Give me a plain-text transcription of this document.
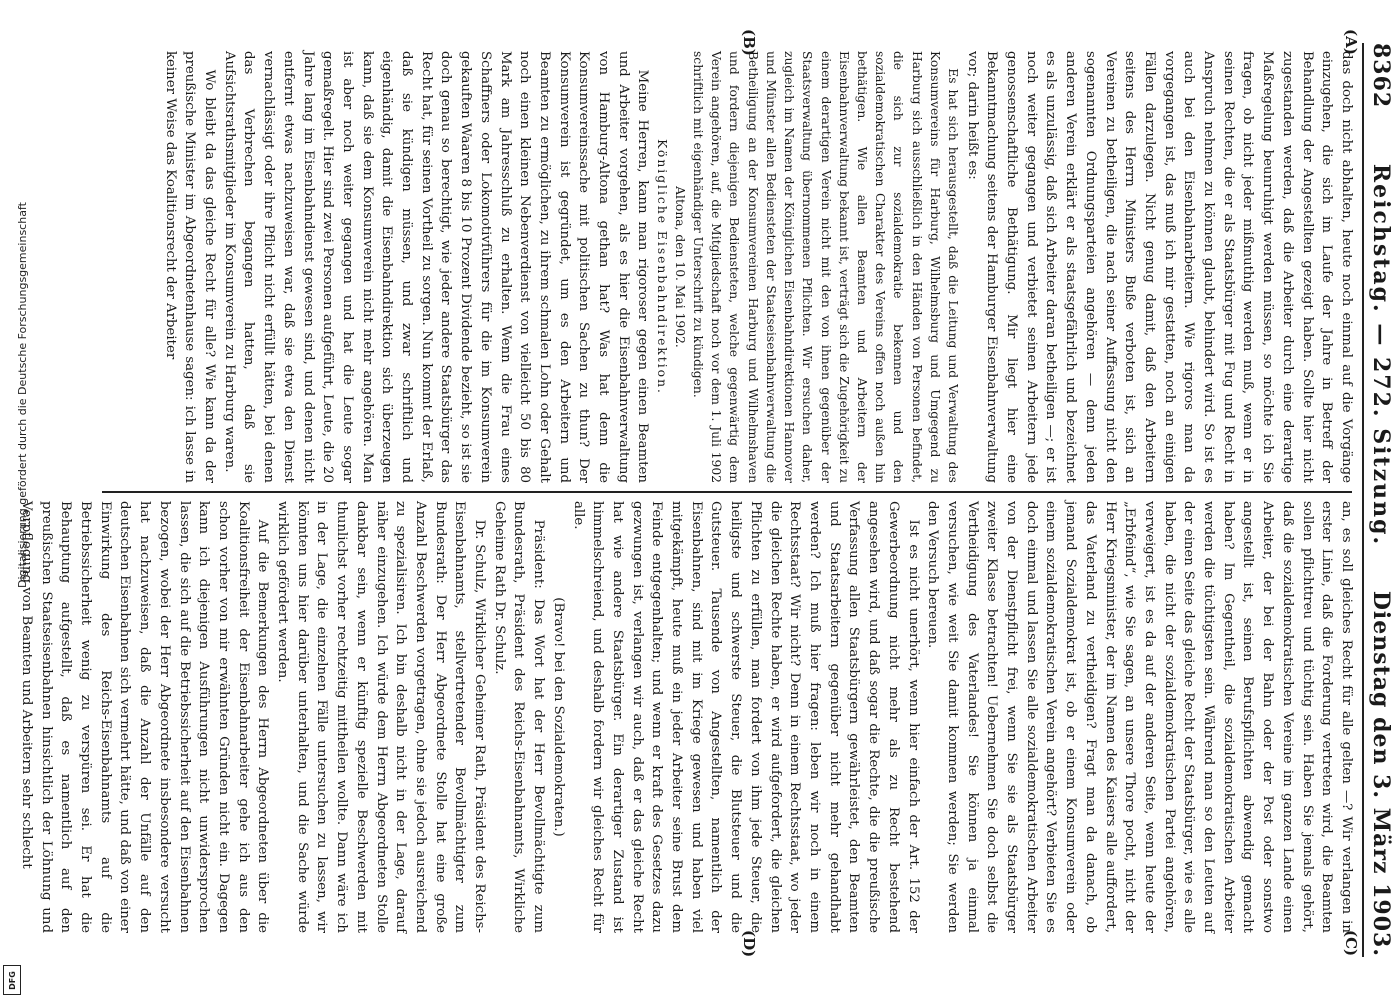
8362
Reichstag. — 272. Sitzung.
Dienstag den 3. März 1903.

das doch nicht abhalten, heute noch einmal auf die Vorgänge einzugehen, die sich im Laufe der Jahre in Betreff der Behandlung der Angestellten gezeigt haben. Sollte hier nicht zugestanden werden, daß die Arbeiter durch eine derartige Maßregelung beunruhigt werden müssen, so möchte ich Sie fragen, ob nicht jeder mißmuthig werden muß, wenn er in seinen Rechten, die er als Staatsbürger mit Fug und Recht in Anspruch nehmen zu können glaubt, behindert wird. So ist es auch bei den Eisenbahnarbeitern. Wie rigoros man da vorgegangen ist, das muß ich mir gestatten, noch an einigen Fällen darzulegen. Nicht genug damit, daß den Arbeitern seitens des Herrn Ministers Buße verboten ist, sich an Vereinen zu betheiligen, die nach seiner Auffassung nicht den sogenannten Ordnungsparteien angehören — denn jeden anderen Verein erklärt er als staatsgefährlich und bezeichnet es als unzulässig, daß sich Arbeiter daran betheiligen —; er ist noch weiter gegangen und verbietet seinen Arbeitern jede genossenschaftliche Bethätigung. Mir liegt hier eine Bekanntmachung seitens der Hamburger Eisenbahnverwaltung vor; darin heißt es:

Es hat sich herausgestellt, daß die Leitung und Verwaltung des Konsumvereins für Harburg, Wilhelmsburg und Umgegend zu Harburg sich ausschließlich in den Händen von Personen befindet, die sich zur sozialdemokratie bekennen und den sozialdemokratischen Charakter des Vereins offen noch außen hin bethätigen. Wie allen Beamten und Arbeitern der Eisenbahnverwaltung bekannt ist, verträgt sich die Zugehörigkeit zu einem derartigen Verein nicht mit den von ihnen gegenüber der Staatsverwaltung übernommenen Pflichten. Wir ersuchen daher, zugleich im Namen der Königlichen Eisenbahndirektionen Hannover und Münster allen Bediensteten der Staatseisenbahnverwaltung die Betheiligung an der Konsumvereinen Harburg und Wilhelmshaven und fordern diejenigen Bediensteten, welche gegenwärtig dem Verein angehören, auf, die Mitgliedschaft noch vor dem 1. Juli 1902 schriftlich mit eigenhändiger Unterschrift zu kündigen.

Altona, den 10. Mai 1902.

Königliche Eisenbahndirektion.

Meine Herren, kann man rigoroser gegen einen Beamten und Arbeiter vorgehen, als es hier die Eisenbahnverwaltung von Hamburg-Altona gethan hat? Was hat denn die Konsumvereinssache mit politischen Sachen zu thun? Der Konsumverein ist gegründet, um es den Arbeitern und Beamten zu ermöglichen, zu ihrem schmalen Lohn oder Gehalt noch einen kleinen Nebenverdienst von vielleicht 50 bis 80 Mark am Jahresschluß zu erhalten. Wenn die Frau eines Schaffners oder Lokomotivführers für die im Konsumverein gekauften Waaren 8 bis 10 Prozent Dividende bezieht, so ist sie doch genau so berechtigt, wie jeder andere Staatsbürger das Recht hat, für seinen Vortheil zu sorgen. Nun kommt der Erlaß, daß sie kündigen müssen, und zwar schriftlich und eigenhändig, damit die Eisenbahndirektion sich überzeugen kann, daß sie dem Konsumverein nicht mehr angehören. Man ist aber noch weiter gegangen und hat die Leute sogar gemaßregelt. Hier sind zwei Personen aufgeführt, Leute, die 20 Jahre lang im Eisenbahndienst gewesen sind, und denen nicht entfernt etwas nachzuweisen war, daß sie etwa den Dienst vernachlässigt oder ihre Pflicht nicht erfüllt hätten, bei denen das Verbrechen begangen hatten, daß sie Aufsichtsrathsmitglieder im Konsumverein zu Harburg waren.

Wo bleibt da das gleiche Recht für alle? Wie kann da der preußische Minister im Abgeordnetenhause sagen: ich lasse in keiner Weise das Koalitionsrecht der Arbeiter

an, es soll gleiches Recht für alle gelten —? Wir verlangen in erster Linie, daß die Forderung vertreten wird, die Beamten sollen pflichttreu und tüchtig sein. Haben Sie jemals gehört, daß die sozialdemokratischen Vereine im ganzen Lande einen Arbeiter, der bei der Bahn oder der Post oder sonstwo angestellt ist, seinen Berufspflichten abwendig gemacht haben? Im Gegentheil, die sozialdemokratischen Arbeiter werden die tüchtigsten sein. Während man so den Leuten auf der einen Seite das gleiche Recht der Staatsbürger, wie es alle haben, die nicht der sozialdemokratischen Partei angehören, verweigert, ist es da auf der anderen Seite, wenn heute der „Erbfeind“, wie Sie sagen, an unsere Thore pocht, nicht der Herr Kriegsminister, der im Namen des Kaisers alle auffordert, das Vaterland zu vertheidigen? Fragt man da danach, ob jemand Sozialdemokrat ist, ob er einem Konsumverein oder einem sozialdemokratischen Verein angehört? Verbieten Sie es doch einmal und lassen Sie alle sozialdemokratischen Arbeiter von der Dienstpflicht frei, wenn Sie sie als Staatsbürger zweiter Klasse betrachten! Uebernehmen Sie doch selbst die Vertheidigung des Vaterlandes! Sie können ja einmal versuchen, wie weit Sie damit kommen werden; Sie werden den Versuch bereuen.

Ist es nicht unerhört, wenn hier einfach der Art. 152 der Gewerbeordnung nicht mehr als zu Recht bestehend angesehen wird, und daß sogar die Rechte, die die preußische Verfassung allen Staatsbürgern gewährleistet, den Beamten und Staatsarbeitern gegenüber nicht mehr gehandhabt werden? Ich muß hier fragen: leben wir noch in einem Rechtsstaat? Wir nicht? Denn in einem Rechtsstaat, wo jeder die gleichen Rechte haben, er wird aufgefordert, die gleichen Pflichten zu erfüllen, man fordert von ihm jede Steuer, die heiligste und schwerste Steuer, die Blutsteuer und die Gutsteuer. Tausende von Angestellten, namentlich der Eisenbahnen, sind mit im Kriege gewesen und haben viel mitgekämpft, heute muß ein jeder Arbeiter seine Brust dem Feinde entgegenhalten; und wenn er kraft des Gesetzes dazu gezwungen ist, verlangen wir auch, daß er das gleiche Recht hat wie andere Staatsbürger. Ein derartiger Zustand ist himmelschreiend, und deshalb fordern wir gleiches Recht für alle.

(Bravo! bei den Sozialdemokraten.)

Präsident: Das Wort hat der Herr Bevollmächtigte zum Bundesrath, Präsident des Reichs-Eisenbahnamts, Wirkliche Geheime Rath Dr. Schulz.

Dr. Schulz, Wirklicher Geheimer Rath, Präsident des Reichs-Eisenbahnamts, stellvertretender Bevollmächtigter zum Bundesrath: Der Herr Abgeordnete Stolle hat eine große Anzahl Beschwerden vorgetragen, ohne sie jedoch ausreichend zu spezialisiren. Ich bin deshalb nicht in der Lage, darauf näher einzugehen. Ich würde dem Herrn Abgeordneten Stolle dankbar sein, wenn er künftig spezielle Beschwerden mit thunlichst vorher rechtzeitig mittheilen wollte. Dann wäre ich in der Lage, die einzelnen Fälle untersuchen zu lassen, wir könnten uns hier darüber unterhalten, und die Sache würde wirklich gefördert werden.

Auf die Bemerkungen des Herrn Abgeordneten über die Koalitionsfreiheit der Eisenbahnarbeiter gehe ich aus den schon vorher von mir erwähnten Gründen nicht ein. Dagegen kann ich diejenigen Ausführungen nicht unwidersprochen lassen, die sich auf die Betriebssicherheit auf den Eisenbahnen bezogen, wobei der Herr Abgeordnete insbesondere versucht hat nachzuweisen, daß die Anzahl der Unfälle auf den deutschen Eisenbahnen sich vermehrt hätte, und daß von einer Einwirkung des Reichs-Eisenbahnamts auf die Betriebssicherheit wenig zu verspüren sei. Er hat die Behauptung aufgestellt, daß es namentlich auf den preußischen Staatseisenbahnen hinsichtlich der Löhnung und Verpflegung von Beamten und Arbeitern sehr schlecht

(A)
(B)
(C)
(D)
Digitalisierung gefördert durch die Deutsche Forschungsgemeinschaft
DFG
